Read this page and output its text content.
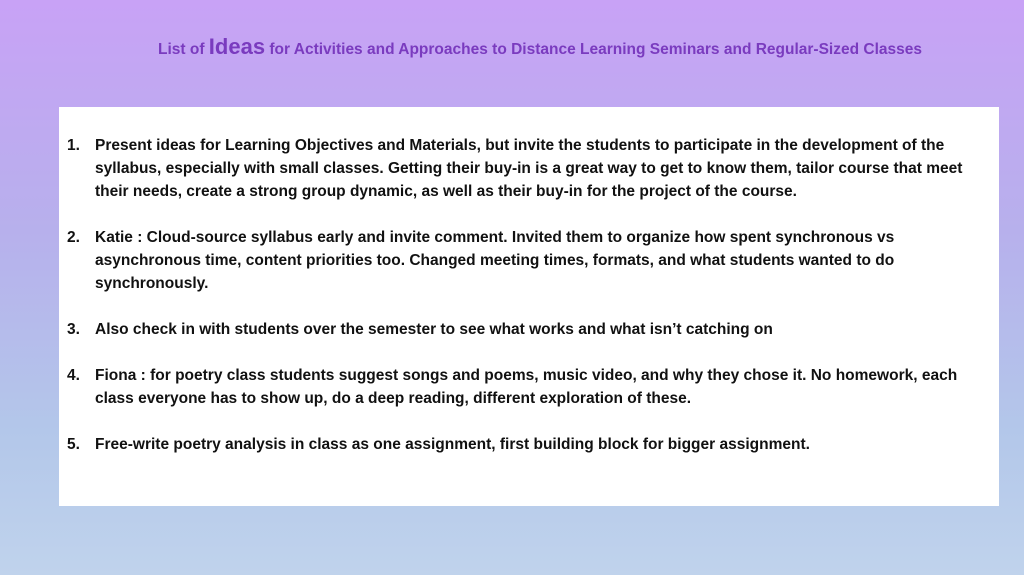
List of Ideas for Activities and Approaches to Distance Learning Seminars and Regular-Sized Classes
1. Present ideas for Learning Objectives and Materials, but invite the students to participate in the development of the syllabus, especially with small classes. Getting their buy-in is a great way to get to know them, tailor course that meet their needs, create a strong group dynamic, as well as their buy-in for the project of the course.
2. Katie : Cloud-source syllabus early and invite comment. Invited them to organize how spent synchronous vs asynchronous time, content priorities too. Changed meeting times, formats, and what students wanted to do synchronously.
3. Also check in with students over the semester to see what works and what isn’t catching on
4. Fiona : for poetry class students suggest songs and poems, music video, and why they chose it. No homework, each class everyone has to show up, do a deep reading, different exploration of these.
5. Free-write poetry analysis in class as one assignment, first building block for bigger assignment.
